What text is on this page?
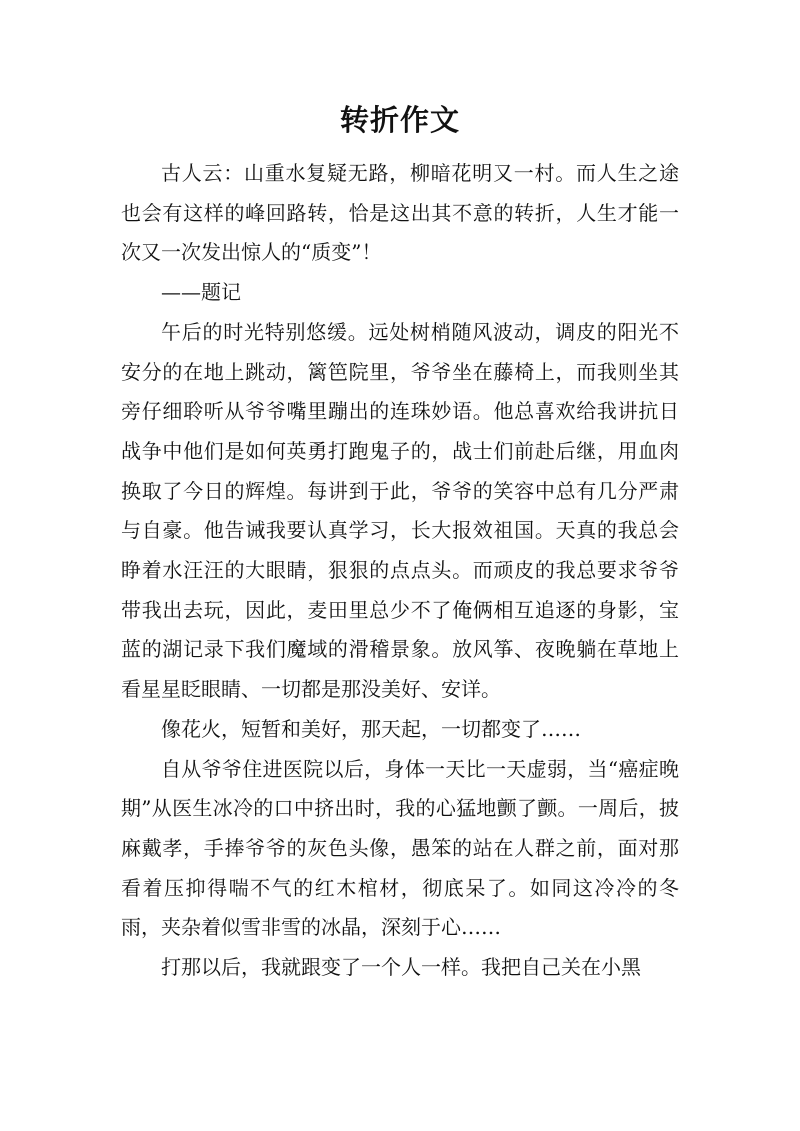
转折作文

古人云：山重水复疑无路，柳暗花明又一村。而人生之途也会有这样的峰回路转，恰是这出其不意的转折，人生才能一次又一次发出惊人的“质变”！

——题记

午后的时光特别悠缓。远处树梢随风波动，调皮的阳光不安分的在地上跳动，篱笆院里，爷爷坐在藤椅上，而我则坐其旁仔细聆听从爷爷嘴里蹦出的连珠妙语。他总喜欢给我讲抗日战争中他们是如何英勇打跑鬼子的，战士们前赴后继，用血肉换取了今日的辉煌。每讲到于此，爷爷的笑容中总有几分严肃与自豪。他告诫我要认真学习，长大报效祖国。天真的我总会睁着水汪汪的大眼睛，狠狠的点点头。而顽皮的我总要求爷爷带我出去玩，因此，麦田里总少不了俺俩相互追逐的身影，宝蓝的湖记录下我们魔域的滑稽景象。放风筝、夜晚躺在草地上看星星眨眼睛、一切都是那没美好、安详。

像花火，短暂和美好，那天起，一切都变了……

自从爷爷住进医院以后，身体一天比一天虚弱，当“癌症晚期”从医生冰冷的口中挤出时，我的心猛地颤了颤。一周后，披麻戴孝，手捧爷爷的灰色头像，愚笨的站在人群之前，面对那看着压抑得喘不气的红木棺材，彻底呆了。如同这冷冷的冬雨，夹杂着似雪非雪的冰晶，深刻于心……

打那以后，我就跟变了一个人一样。我把自己关在小黑
